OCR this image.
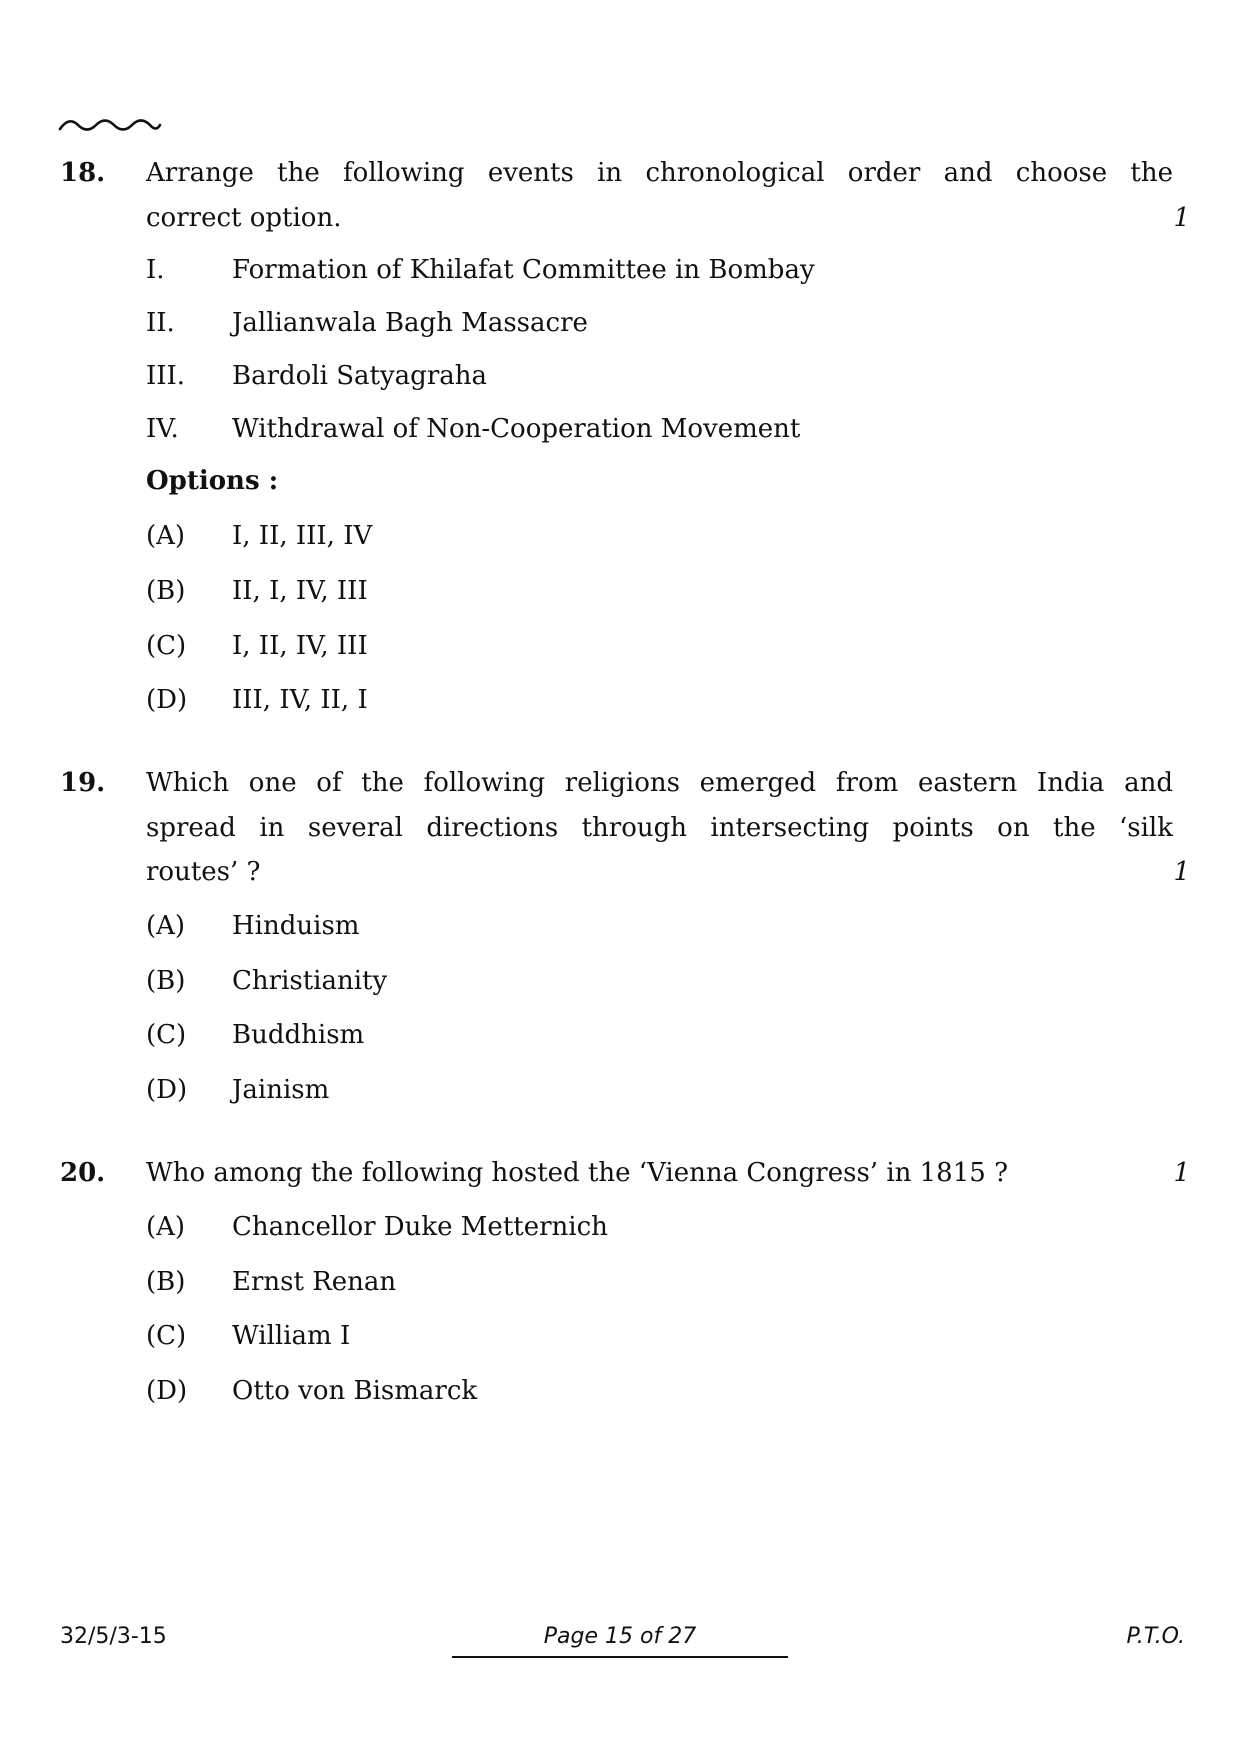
18. Arrange the following events in chronological order and choose the
correct option.	1
I.	Formation of Khilafat Committee in Bombay
II. Jallianwala Bagh Massacre
III. Bardoli Satyagraha
IV. Withdrawal of Non-Cooperation Movement
Options :
(A) I, II, III, IV
(B) II, I, IV, III
(C) I, II, IV, III
(D) III, IV, II, I
19. Which one of the following religions emerged from eastern India and
spread in several directions through intersecting points on the ‘silk
routes’ ?	1
(A) Hinduism
(B) Christianity
(C) Buddhism
(D) Jainism
20. Who among the following hosted the ‘Vienna Congress’ in 1815 ?	1
(A) Chancellor Duke Metternich
(B) Ernst Renan
(C) William I
(D) Otto von Bismarck
32/5/3-15	Page 15 of 27	P.T.O.
